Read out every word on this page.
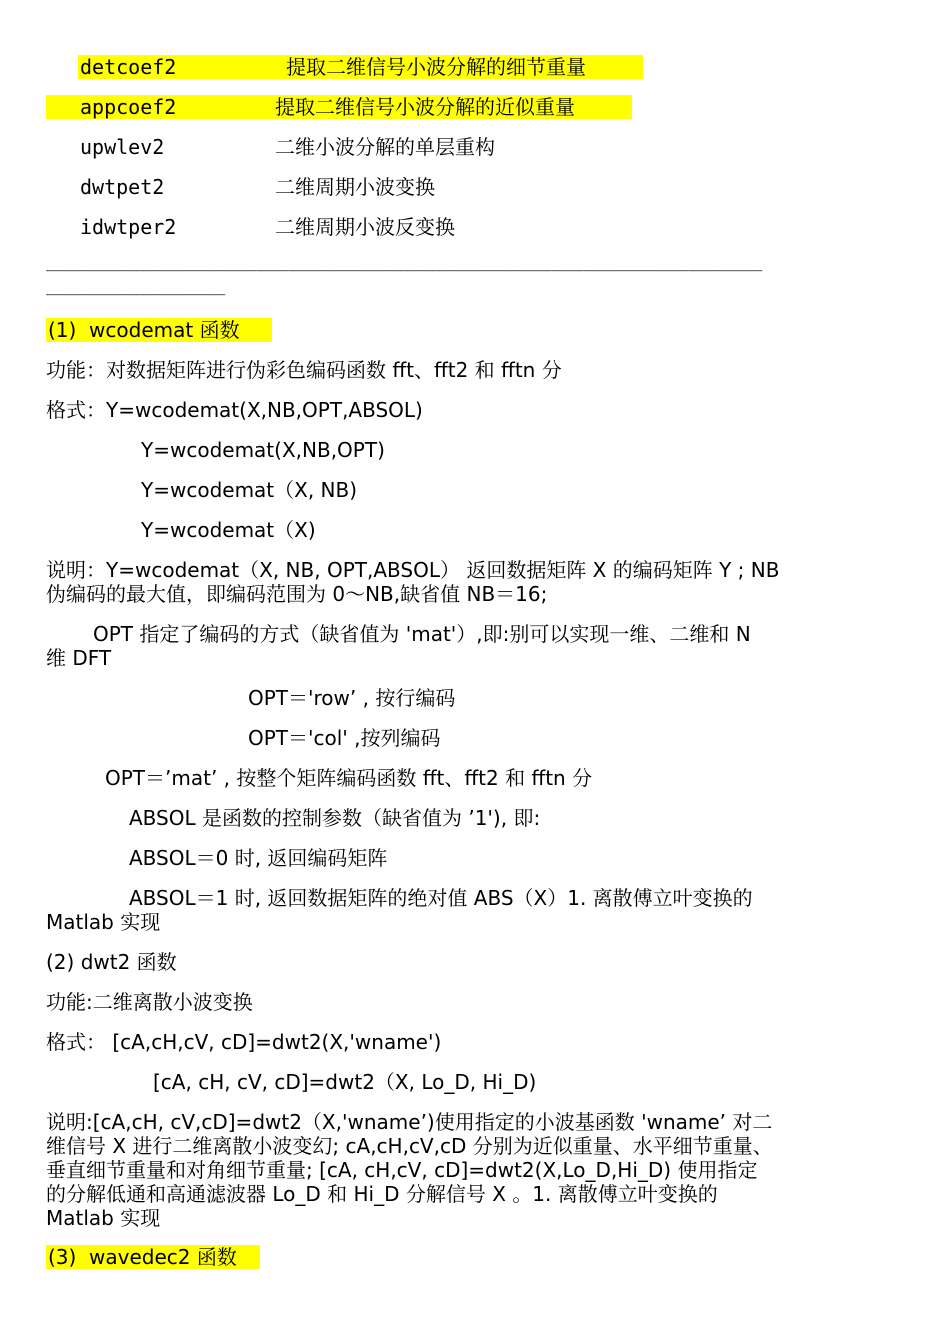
detcoef2	提取二维信号小波分解的细节重量
appcoef2	提取二维信号小波分解的近似重量
upwlev2	二维小波分解的单层重构
dwtpet2	二维周期小波变换
idwtper2	二维周期小波反变换
____________________________________________________________________
_________________
(1)  wcodemat 函数
功能：对数据矩阵进行伪彩色编码函数 fft、fft2 和 fftn 分
格式：Y=wcodemat(X,NB,OPT,ABSOL)
Y=wcodemat(X,NB,OPT)
Y=wcodemat（X, NB)
Y=wcodemat（X)
说明：Y=wcodemat（X, NB, OPT,ABSOL） 返回数据矩阵 X 的编码矩阵 Y ; NB
伪编码的最大值，即编码范围为 0～NB,缺省值 NB＝16;
OPT 指定了编码的方式（缺省值为 'mat'）,即:别可以实现一维、二维和 N
维 DFT
OPT＝'row’ , 按行编码
OPT＝'col' ,按列编码
OPT＝’mat’ , 按整个矩阵编码函数 fft、fft2 和 fftn 分
ABSOL 是函数的控制参数（缺省值为 ’1'), 即:
ABSOL＝0 时, 返回编码矩阵
ABSOL＝1 时, 返回数据矩阵的绝对值 ABS（X）1. 离散傅立叶变换的
Matlab 实现
(2) dwt2 函数
功能:二维离散小波变换
格式： [cA,cH,cV, cD]=dwt2(X,'wname')
[cA, cH, cV, cD]=dwt2（X, Lo_D, Hi_D)
说明:[cA,cH, cV,cD]=dwt2（X,'wname’)使用指定的小波基函数 'wname’ 对二
维信号 X 进行二维离散小波变幻; cA,cH,cV,cD 分别为近似重量、水平细节重量、
垂直细节重量和对角细节重量; [cA, cH,cV, cD]=dwt2(X,Lo_D,Hi_D) 使用指定
的分解低通和高通滤波器 Lo_D 和 Hi_D 分解信号 X 。1. 离散傅立叶变换的
Matlab 实现
(3)  wavedec2 函数
